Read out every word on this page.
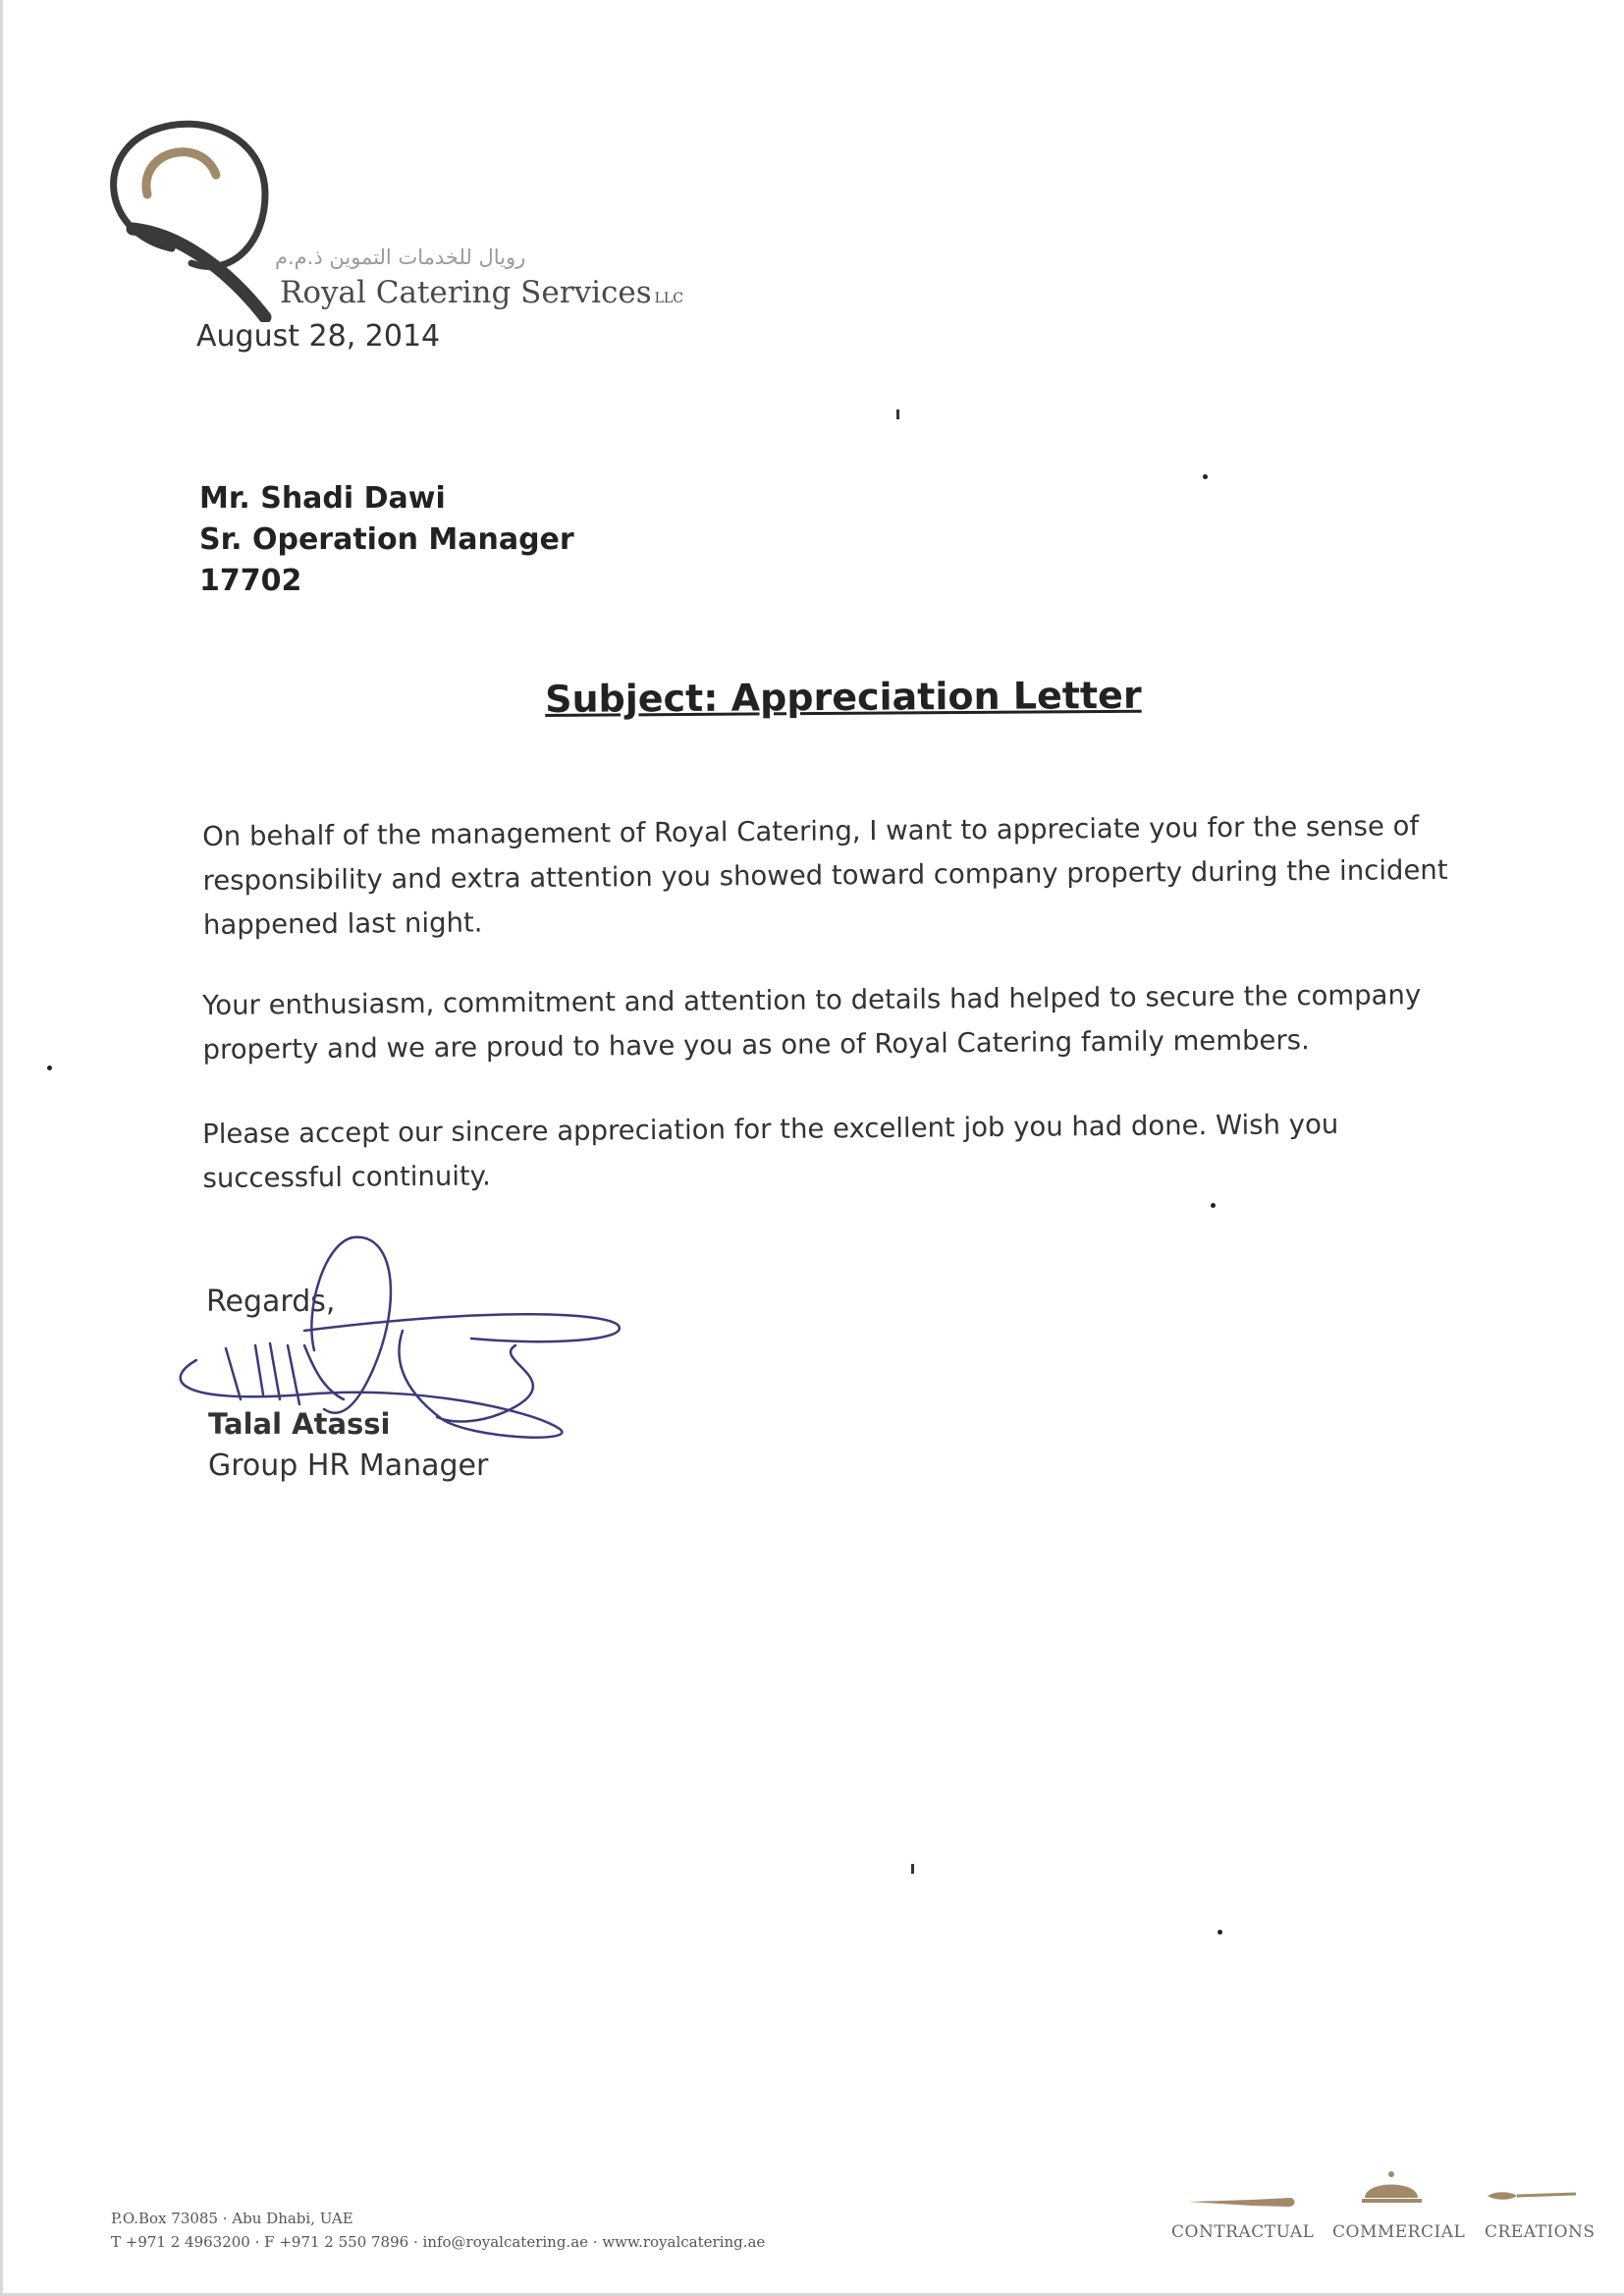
رويال للخدمات التموين ذ.م.م
Royal Catering Services LLC
August 28, 2014
Mr. Shadi Dawi
Sr. Operation Manager
17702
Subject: Appreciation Letter
On behalf of the management of Royal Catering, I want to appreciate you for the sense of responsibility and extra attention you showed toward company property during the incident happened last night.
Your enthusiasm, commitment and attention to details had helped to secure the company property and we are proud to have you as one of Royal Catering family members.
Please accept our sincere appreciation for the excellent job you had done. Wish you successful continuity.
Regards,
Talal Atassi
Group HR Manager
P.O.Box 73085 · Abu Dhabi, UAE
T +971 2 4963200 · F +971 2 550 7896 · info@royalcatering.ae · www.royalcatering.ae	CONTRACTUAL COMMERCIAL CREATIONS
